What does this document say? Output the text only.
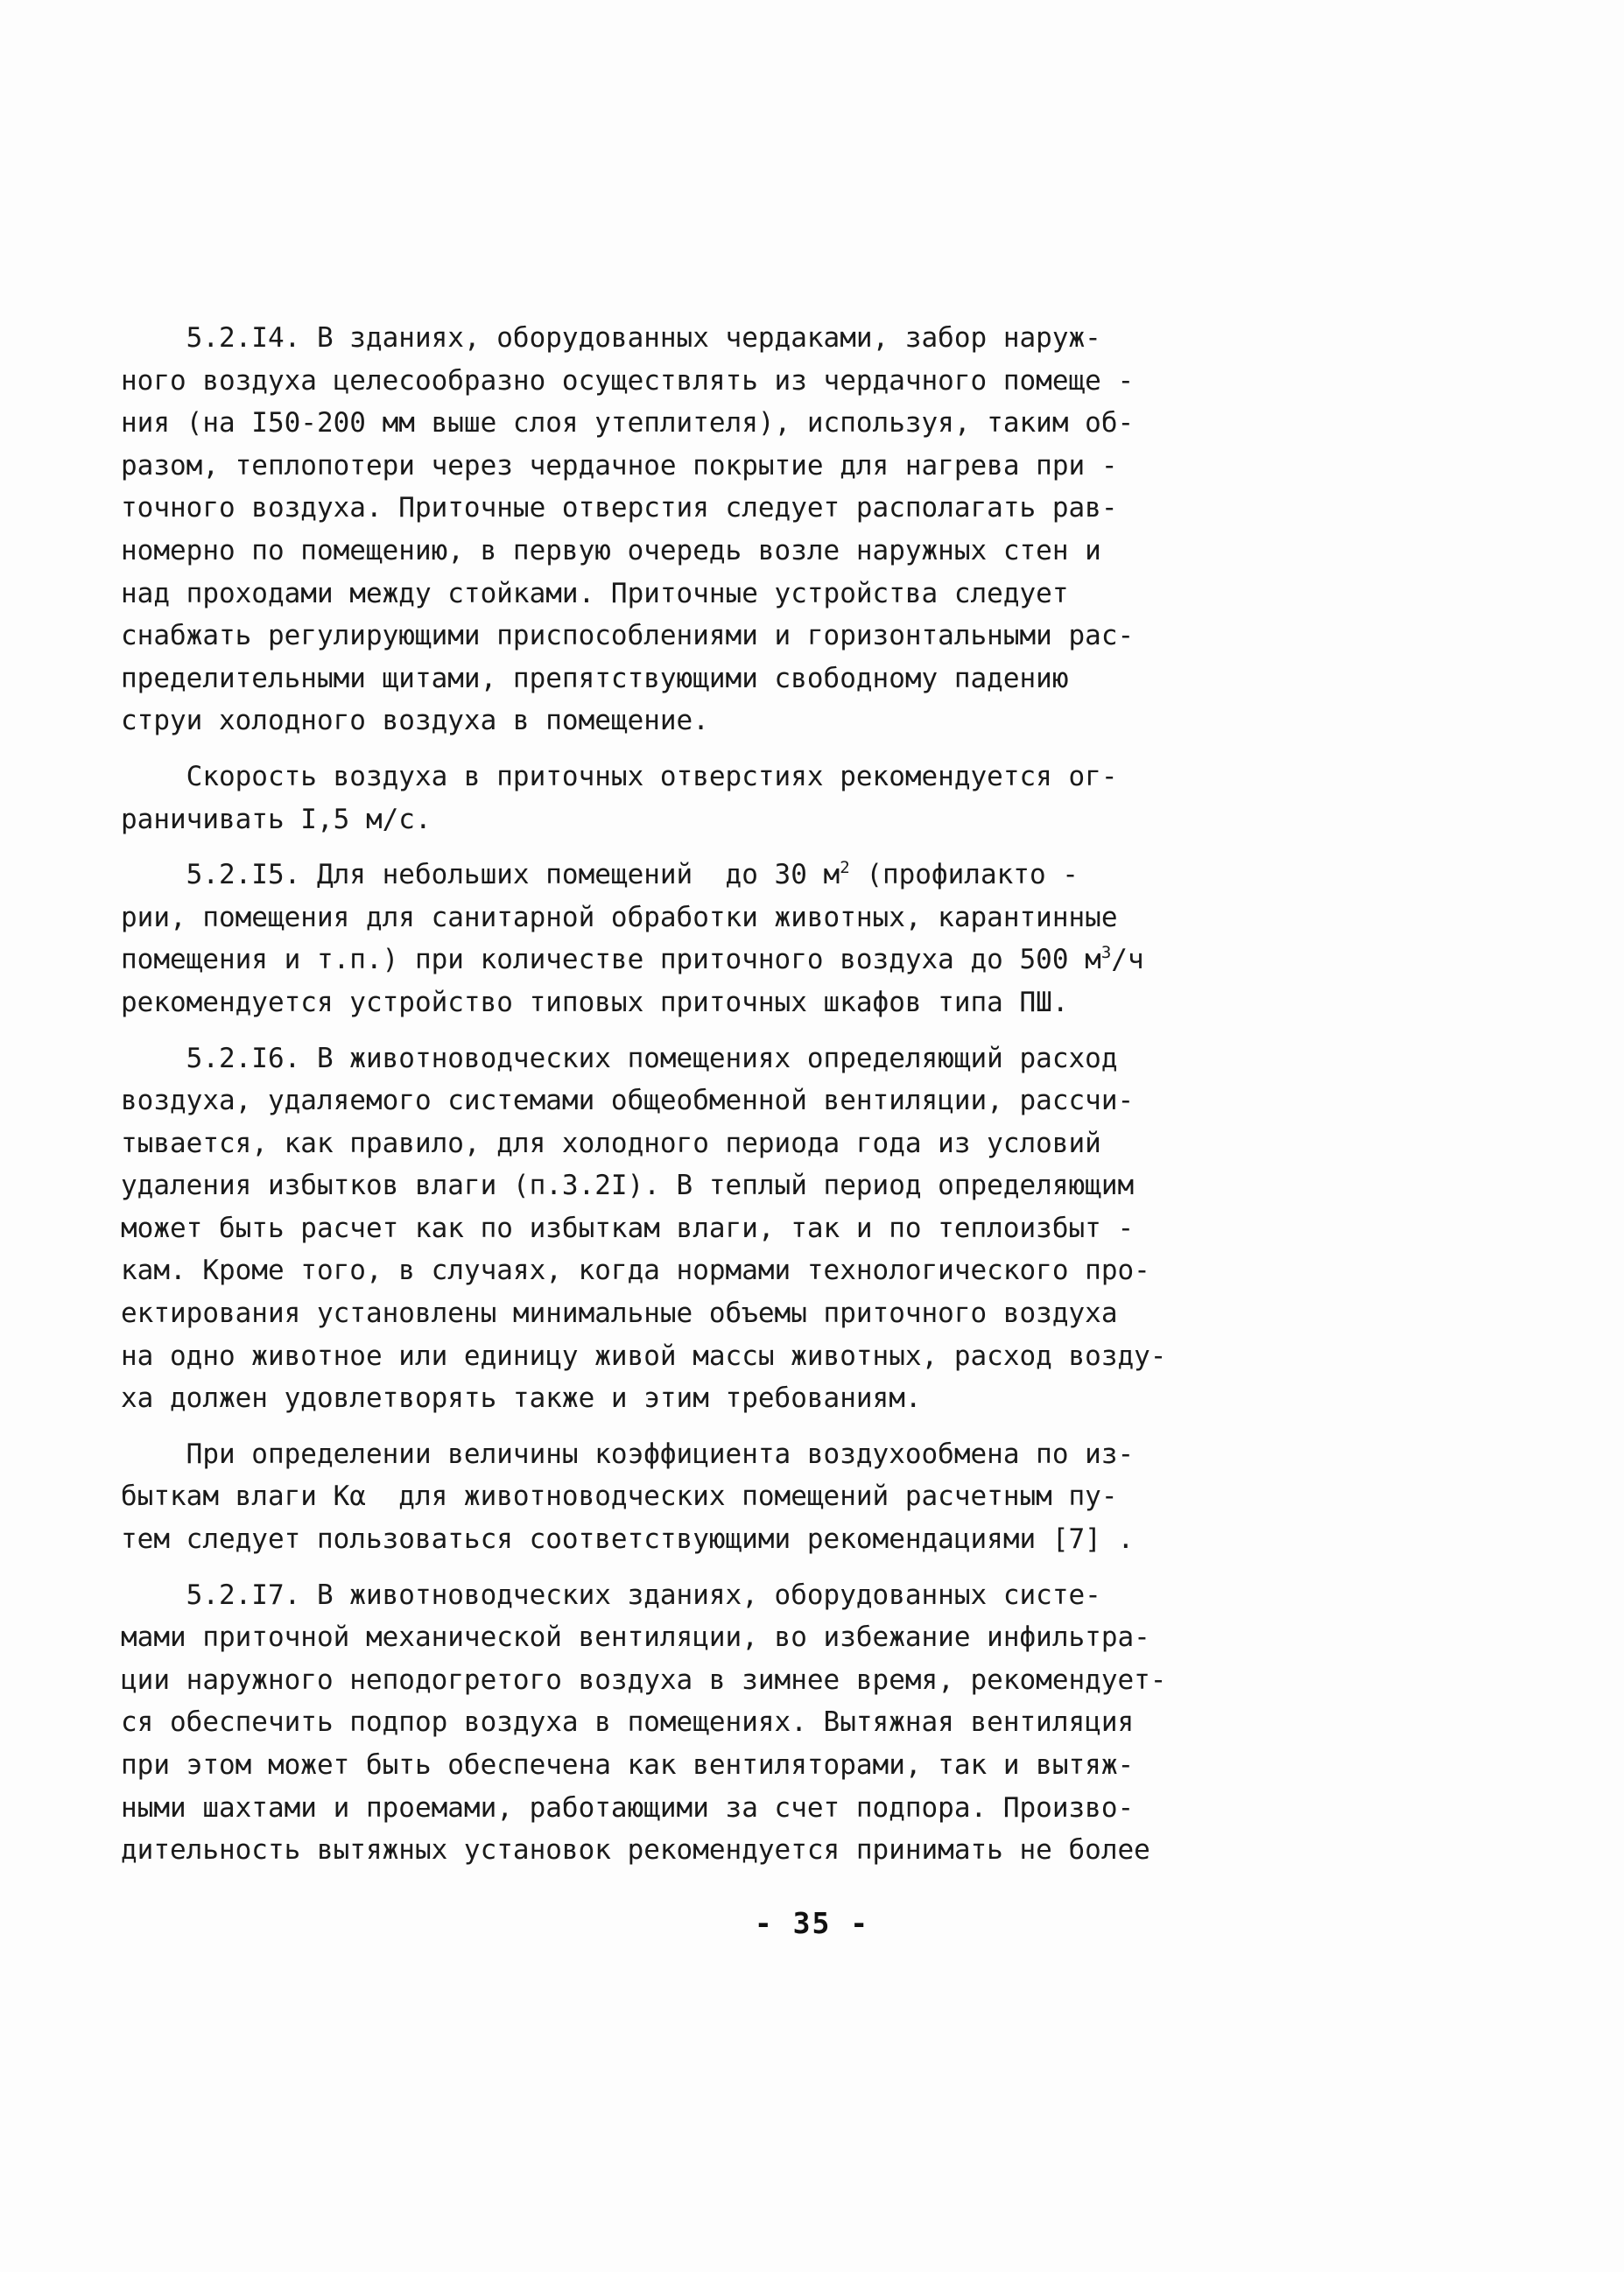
5.2.I4. В зданиях, оборудованных чердаками, забор наруж-
ного воздуха целесообразно осуществлять из чердачного помеще -
ния (на I50-200 мм выше слоя утеплителя), используя, таким об-
разом, теплопотери через чердачное покрытие для нагрева при -
точного воздуха. Приточные отверстия следует располагать рав-
номерно по помещению, в первую очередь возле наружных стен и
над проходами между стойками. Приточные устройства следует
снабжать регулирующими приспособлениями и горизонтальными рас-
пределительными щитами, препятствующими свободному падению
струи холодного воздуха в помещение.
Скорость воздуха в приточных отверстиях рекомендуется ог-
раничивать I,5 м/с.
5.2.I5. Для небольших помещений  до 30 $м^2$ (профилакто -
рии, помещения для санитарной обработки животных, карантинные
помещения и т.п.) при количестве приточного воздуха до 500 $м^3/ч$
рекомендуется устройство типовых приточных шкафов типа ПШ.
5.2.I6. В животноводческих помещениях определяющий расход
воздуха, удаляемого системами общеобменной вентиляции, рассчи-
тывается, как правило, для холодного периода года из условий
удаления избытков влаги (п.3.2I). В теплый период определяющим
может быть расчет как по избыткам влаги, так и по теплоизбыт -
кам. Кроме того, в случаях, когда нормами технологического про-
ектирования установлены минимальные объемы приточного воздуха
на одно животное или единицу живой массы животных, расход возду-
ха должен удовлетворять также и этим требованиям.
При определении величины коэффициента воздухообмена по из-
быткам влаги Kα  для животноводческих помещений расчетным пу-
тем следует пользоваться соответствующими рекомендациями [7] .
5.2.I7. В животноводческих зданиях, оборудованных систе-
мами приточной механической вентиляции, во избежание инфильтра-
ции наружного неподогретого воздуха в зимнее время, рекомендует-
ся обеспечить подпор воздуха в помещениях. Вытяжная вентиляция
при этом может быть обеспечена как вентиляторами, так и вытяж-
ными шахтами и проемами, работающими за счет подпора. Произво-
дительность вытяжных установок рекомендуется принимать не более
- 35 -
